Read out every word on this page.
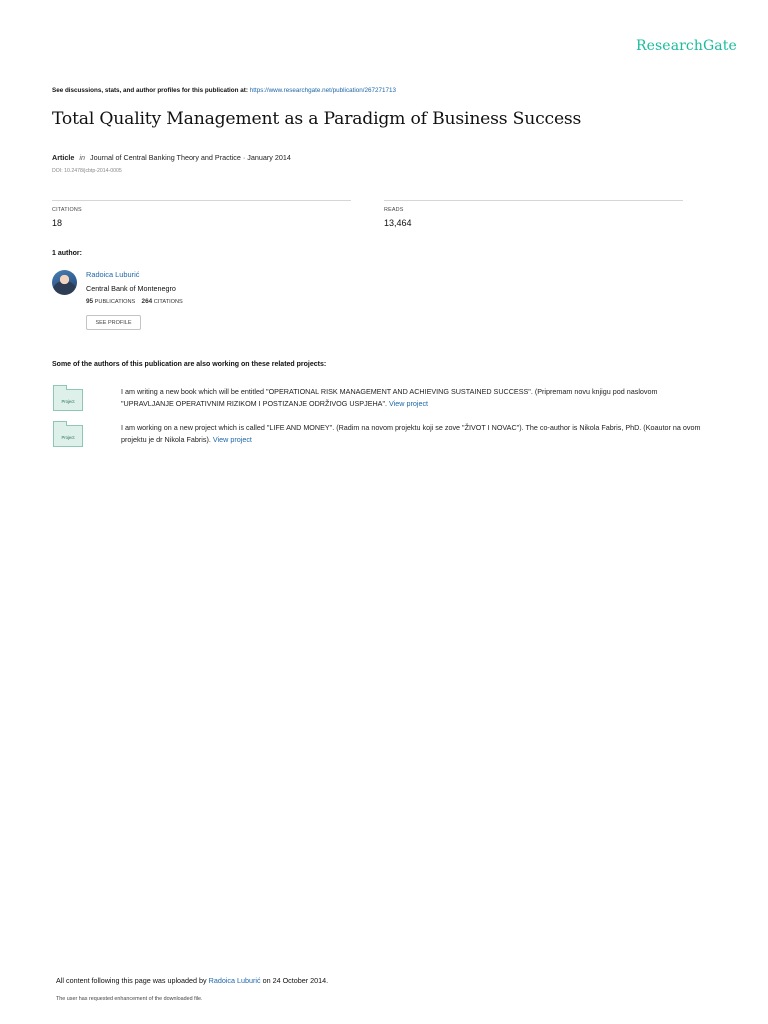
ResearchGate
See discussions, stats, and author profiles for this publication at: https://www.researchgate.net/publication/267271713
Total Quality Management as a Paradigm of Business Success
Article in Journal of Central Banking Theory and Practice · January 2014
DOI: 10.2478/jcbtp-2014-0005
CITATIONS
18
READS
13,464
1 author:
Radoica Luburić
Central Bank of Montenegro
95 PUBLICATIONS 264 CITATIONS
SEE PROFILE
Some of the authors of this publication are also working on these related projects:
Project
I am writing a new book which will be entitled "OPERATIONAL RISK MANAGEMENT AND ACHIEVING SUSTAINED SUCCESS". (Pripremam novu knjigu pod naslovom "UPRAVLJANJE OPERATIVNIM RIZIKOM I POSTIZANJE ODRŽIVOG USPJEHA". View project
Project
I am working on a new project which is called "LIFE AND MONEY". (Radim na novom projektu koji se zove "ŽIVOT I NOVAC"). The co-author is Nikola Fabris, PhD. (Koautor na ovom projektu je dr Nikola Fabris). View project
All content following this page was uploaded by Radoica Luburić on 24 October 2014.
The user has requested enhancement of the downloaded file.
